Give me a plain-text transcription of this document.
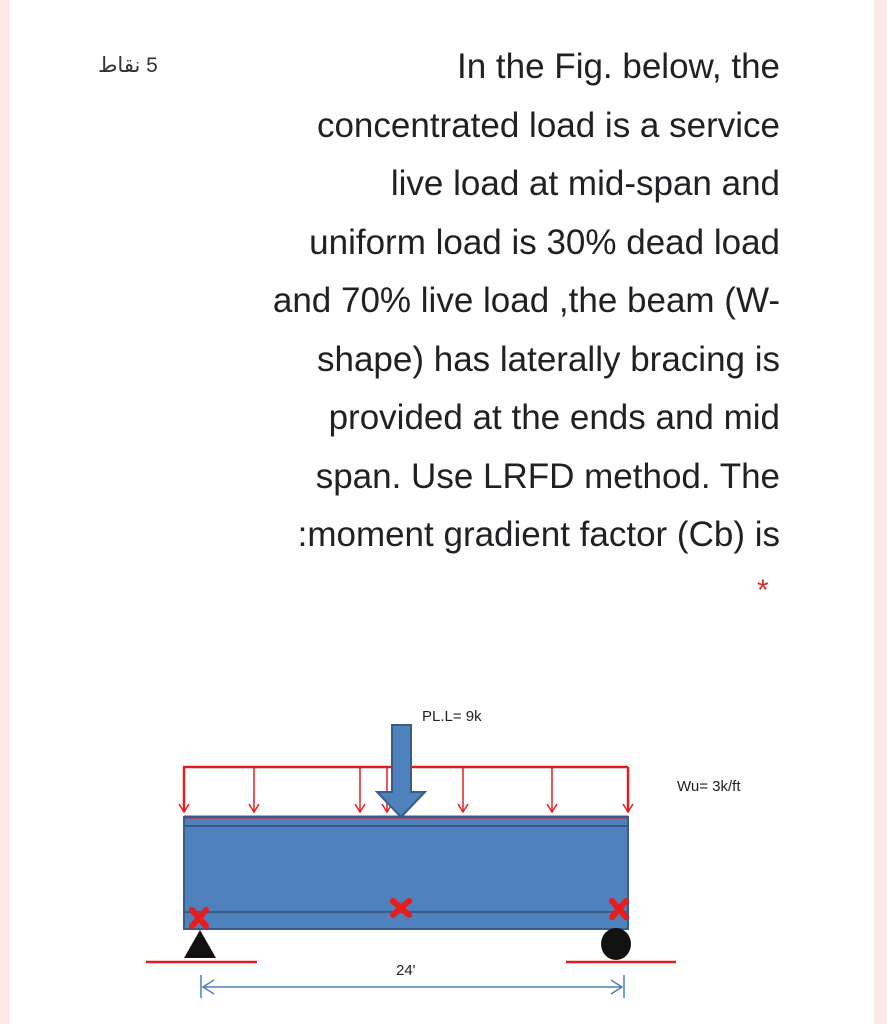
5 نقاط	In the Fig. below, the
concentrated load is a service
live load at mid-span and
uniform load is 30% dead load
and 70% live load ,the beam (W-
shape) has laterally bracing is
provided at the ends and mid
span. Use LRFD method. The
:moment gradient factor (Cb) is
*
PL.L= 9k
Wu= 3k/ft
24'
